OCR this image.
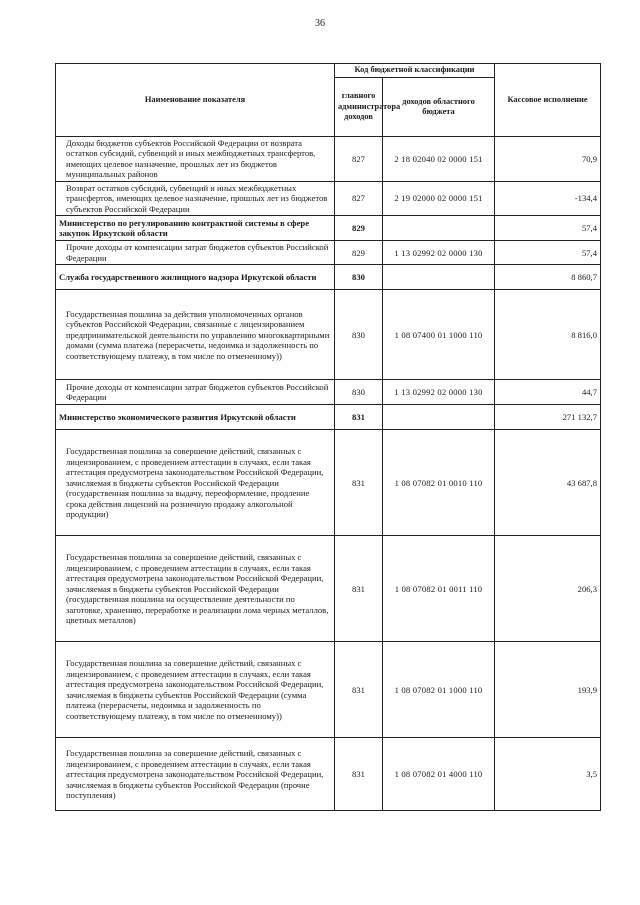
36
Наименование показателя	Код бюджетной классификации		Кассовое исполнение
	главного администратора доходов	доходов областного бюджета	
Доходы бюджетов субъектов Российской Федерации от возврата остатков субсидий, субвенций и иных межбюджетных трансфертов, имеющих целевое назначение, прошлых лет из бюджетов муниципальных районов	827	2 18 02040 02 0000 151	70,9
Возврат остатков субсидий, субвенций и иных межбюджетных трансфертов, имеющих целевое назначение, прошлых лет из бюджетов субъектов Российской Федерации	827	2 19 02000 02 0000 151	-134,4
Министерство по регулированию контрактной системы в сфере закупок Иркутской области	829		57,4
Прочие доходы от компенсации затрат бюджетов субъектов Российской Федерации	829	1 13 02992 02 0000 130	57,4
Служба государственного жилищного надзора Иркутской области	830		8 860,7
Государственная пошлина за действия уполномоченных органов субъектов Российской Федерации, связанные с лицензированием предпринимательской деятельности по управлению многоквартирными домами (сумма платежа (перерасчеты, недоимка и задолженность по соответствующему платежу, в том числе по отмененному))	830	1 08 07400 01 1000 110	8 816,0
Прочие доходы от компенсации затрат бюджетов субъектов Российской Федерации	830	1 13 02992 02 0000 130	44,7
Министерство экономического развития Иркутской области	831		271 132,7
Государственная пошлина за совершение действий, связанных с лицензированием, с проведением аттестации в случаях, если такая аттестация предусмотрена законодательством Российской Федерации, зачисляемая в бюджеты субъектов Российской Федерации (государственная пошлина за выдачу, переоформление, продление срока действия лицензий на розничную продажу алкогольной продукции)	831	1 08 07082 01 0010 110	43 687,8
Государственная пошлина за совершение действий, связанных с лицензированием, с проведением аттестации в случаях, если такая аттестация предусмотрена законодательством Российской Федерации, зачисляемая в бюджеты субъектов Российской Федерации (государственная пошлина на осуществление деятельности по заготовке, хранению, переработке и реализации лома черных металлов, цветных металлов)	831	1 08 07082 01 0011 110	206,3
Государственная пошлина за совершение действий, связанных с лицензированием, с проведением аттестации в случаях, если такая аттестация предусмотрена законодательством Российской Федерации, зачисляемая в бюджеты субъектов Российской Федерации (сумма платежа (перерасчеты, недоимка и задолженность по соответствующему платежу, в том числе по отмененному))	831	1 08 07082 01 1000 110	193,9
Государственная пошлина за совершение действий, связанных с лицензированием, с проведением аттестации в случаях, если такая аттестация предусмотрена законодательством Российской Федерации, зачисляемая в бюджеты субъектов Российской Федерации (прочие поступления)	831	1 08 07082 01 4000 110	3,5
